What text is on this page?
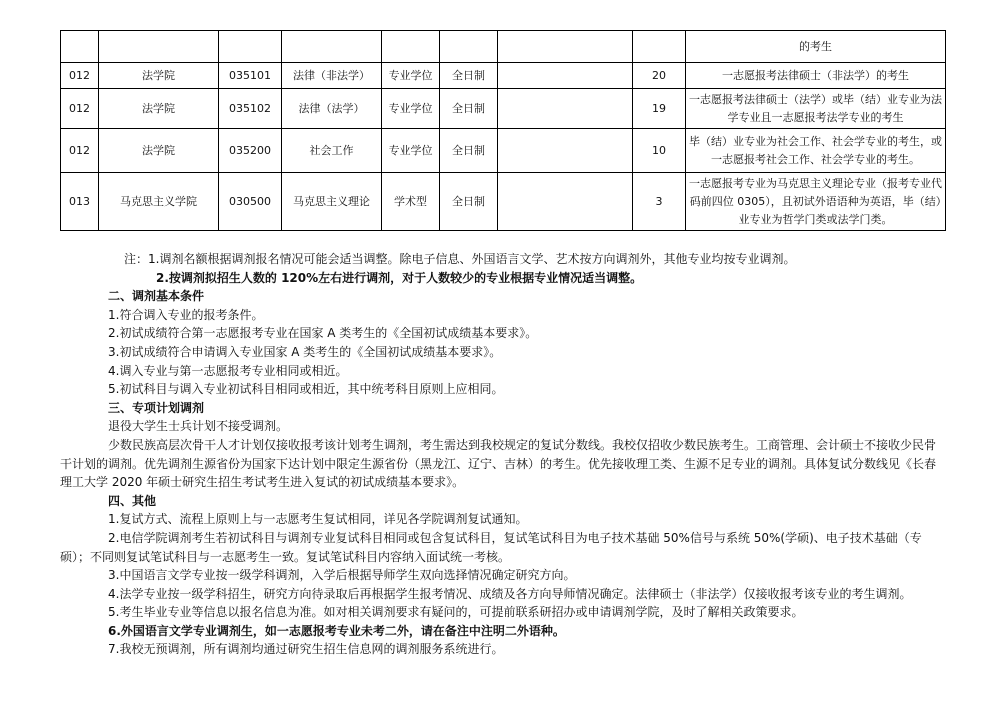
								的考生
012	法学院	035101	法律（非法学）	专业学位	全日制		20	一志愿报考法律硕士（非法学）的考生
012	法学院	035102	法律（法学）	专业学位	全日制		19	一志愿报考法律硕士（法学）或毕（结）业专业为法学专业且一志愿报考法学专业的考生
012	法学院	035200	社会工作	专业学位	全日制		10	毕（结）业专业为社会工作、社会学专业的考生，或一志愿报考社会工作、社会学专业的考生。
013	马克思主义学院	030500	马克思主义理论	学术型	全日制		3	一志愿报考专业为马克思主义理论专业（报考专业代码前四位 0305），且初试外语语种为英语，毕（结）业专业为哲学门类或法学门类。

注：1.调剂名额根据调剂报名情况可能会适当调整。除电子信息、外国语言文学、艺术按方向调剂外，其他专业均按专业调剂。

2.按调剂拟招生人数的 120%左右进行调剂，对于人数较少的专业根据专业情况适当调整。

二、调剂基本条件

1.符合调入专业的报考条件。

2.初试成绩符合第一志愿报考专业在国家 A 类考生的《全国初试成绩基本要求》。

3.初试成绩符合申请调入专业国家 A 类考生的《全国初试成绩基本要求》。

4.调入专业与第一志愿报考专业相同或相近。

5.初试科目与调入专业初试科目相同或相近，其中统考科目原则上应相同。

三、专项计划调剂

退役大学生士兵计划不接受调剂。

少数民族高层次骨干人才计划仅接收报考该计划考生调剂，考生需达到我校规定的复试分数线。我校仅招收少数民族考生。工商管理、会计硕士不接收少民骨干计划的调剂。优先调剂生源省份为国家下达计划中限定生源省份（黑龙江、辽宁、吉林）的考生。优先接收理工类、生源不足专业的调剂。具体复试分数线见《长春理工大学 2020 年硕士研究生招生考试考生进入复试的初试成绩基本要求》。

四、其他

1.复试方式、流程上原则上与一志愿考生复试相同，详见各学院调剂复试通知。

2.电信学院调剂考生若初试科目与调剂专业复试科目相同或包含复试科目，复试笔试科目为电子技术基础 50%信号与系统 50%(学硕)、电子技术基础（专硕）；不同则复试笔试科目与一志愿考生一致。复试笔试科目内容纳入面试统一考核。

3.中国语言文学专业按一级学科调剂，入学后根据导师学生双向选择情况确定研究方向。

4.法学专业按一级学科招生，研究方向待录取后再根据学生报考情况、成绩及各方向导师情况确定。法律硕士（非法学）仅接收报考该专业的考生调剂。

5.考生毕业专业等信息以报名信息为准。如对相关调剂要求有疑问的，可提前联系研招办或申请调剂学院，及时了解相关政策要求。

6.外国语言文学专业调剂生，如一志愿报考专业未考二外，请在备注中注明二外语种。

7.我校无预调剂，所有调剂均通过研究生招生信息网的调剂服务系统进行。
